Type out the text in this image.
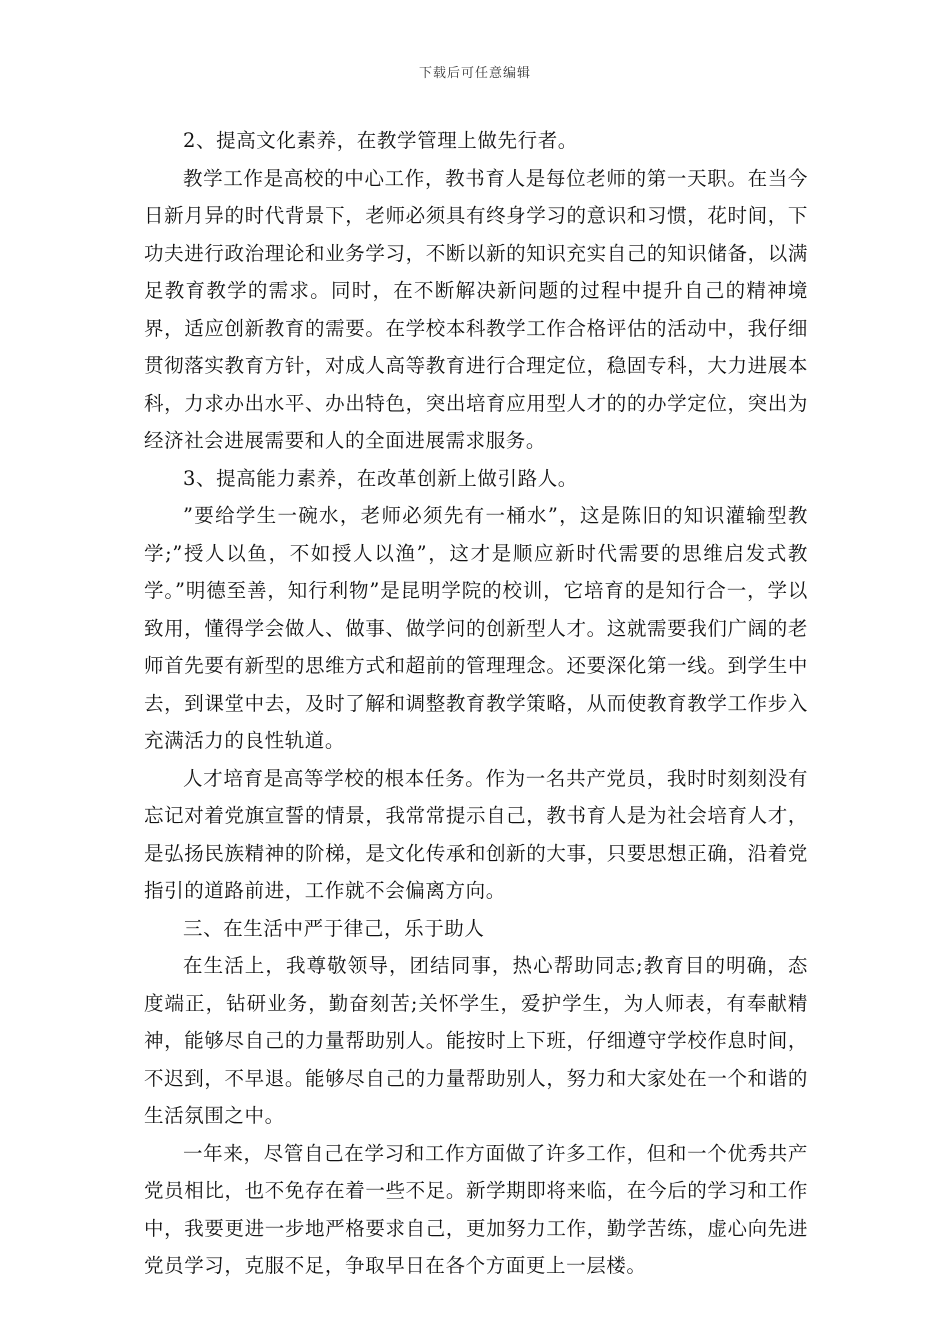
下载后可任意编辑

2、提高文化素养，在教学管理上做先行者。

教学工作是高校的中心工作，教书育人是每位老师的第一天职。在当今日新月异的时代背景下，老师必须具有终身学习的意识和习惯，花时间，下功夫进行政治理论和业务学习，不断以新的知识充实自己的知识储备，以满足教育教学的需求。同时，在不断解决新问题的过程中提升自己的精神境界，适应创新教育的需要。在学校本科教学工作合格评估的活动中，我仔细贯彻落实教育方针，对成人高等教育进行合理定位，稳固专科，大力进展本科，力求办出水平、办出特色，突出培育应用型人才的的办学定位，突出为经济社会进展需要和人的全面进展需求服务。

3、提高能力素养，在改革创新上做引路人。

”要给学生一碗水，老师必须先有一桶水”，这是陈旧的知识灌输型教学;”授人以鱼，不如授人以渔”，这才是顺应新时代需要的思维启发式教学。”明德至善，知行利物”是昆明学院的校训，它培育的是知行合一，学以致用，懂得学会做人、做事、做学问的创新型人才。这就需要我们广阔的老师首先要有新型的思维方式和超前的管理理念。还要深化第一线。到学生中去，到课堂中去，及时了解和调整教育教学策略，从而使教育教学工作步入充满活力的良性轨道。

人才培育是高等学校的根本任务。作为一名共产党员，我时时刻刻没有忘记对着党旗宣誓的情景，我常常提示自己，教书育人是为社会培育人才，是弘扬民族精神的阶梯，是文化传承和创新的大事，只要思想正确，沿着党指引的道路前进，工作就不会偏离方向。

三、在生活中严于律己，乐于助人

在生活上，我尊敬领导，团结同事，热心帮助同志;教育目的明确，态度端正，钻研业务，勤奋刻苦;关怀学生，爱护学生，为人师表，有奉献精神，能够尽自己的力量帮助别人。能按时上下班，仔细遵守学校作息时间，不迟到，不早退。能够尽自己的力量帮助别人，努力和大家处在一个和谐的生活氛围之中。

一年来，尽管自己在学习和工作方面做了许多工作，但和一个优秀共产党员相比，也不免存在着一些不足。新学期即将来临，在今后的学习和工作中，我要更进一步地严格要求自己，更加努力工作，勤学苦练，虚心向先进党员学习，克服不足，争取早日在各个方面更上一层楼。
